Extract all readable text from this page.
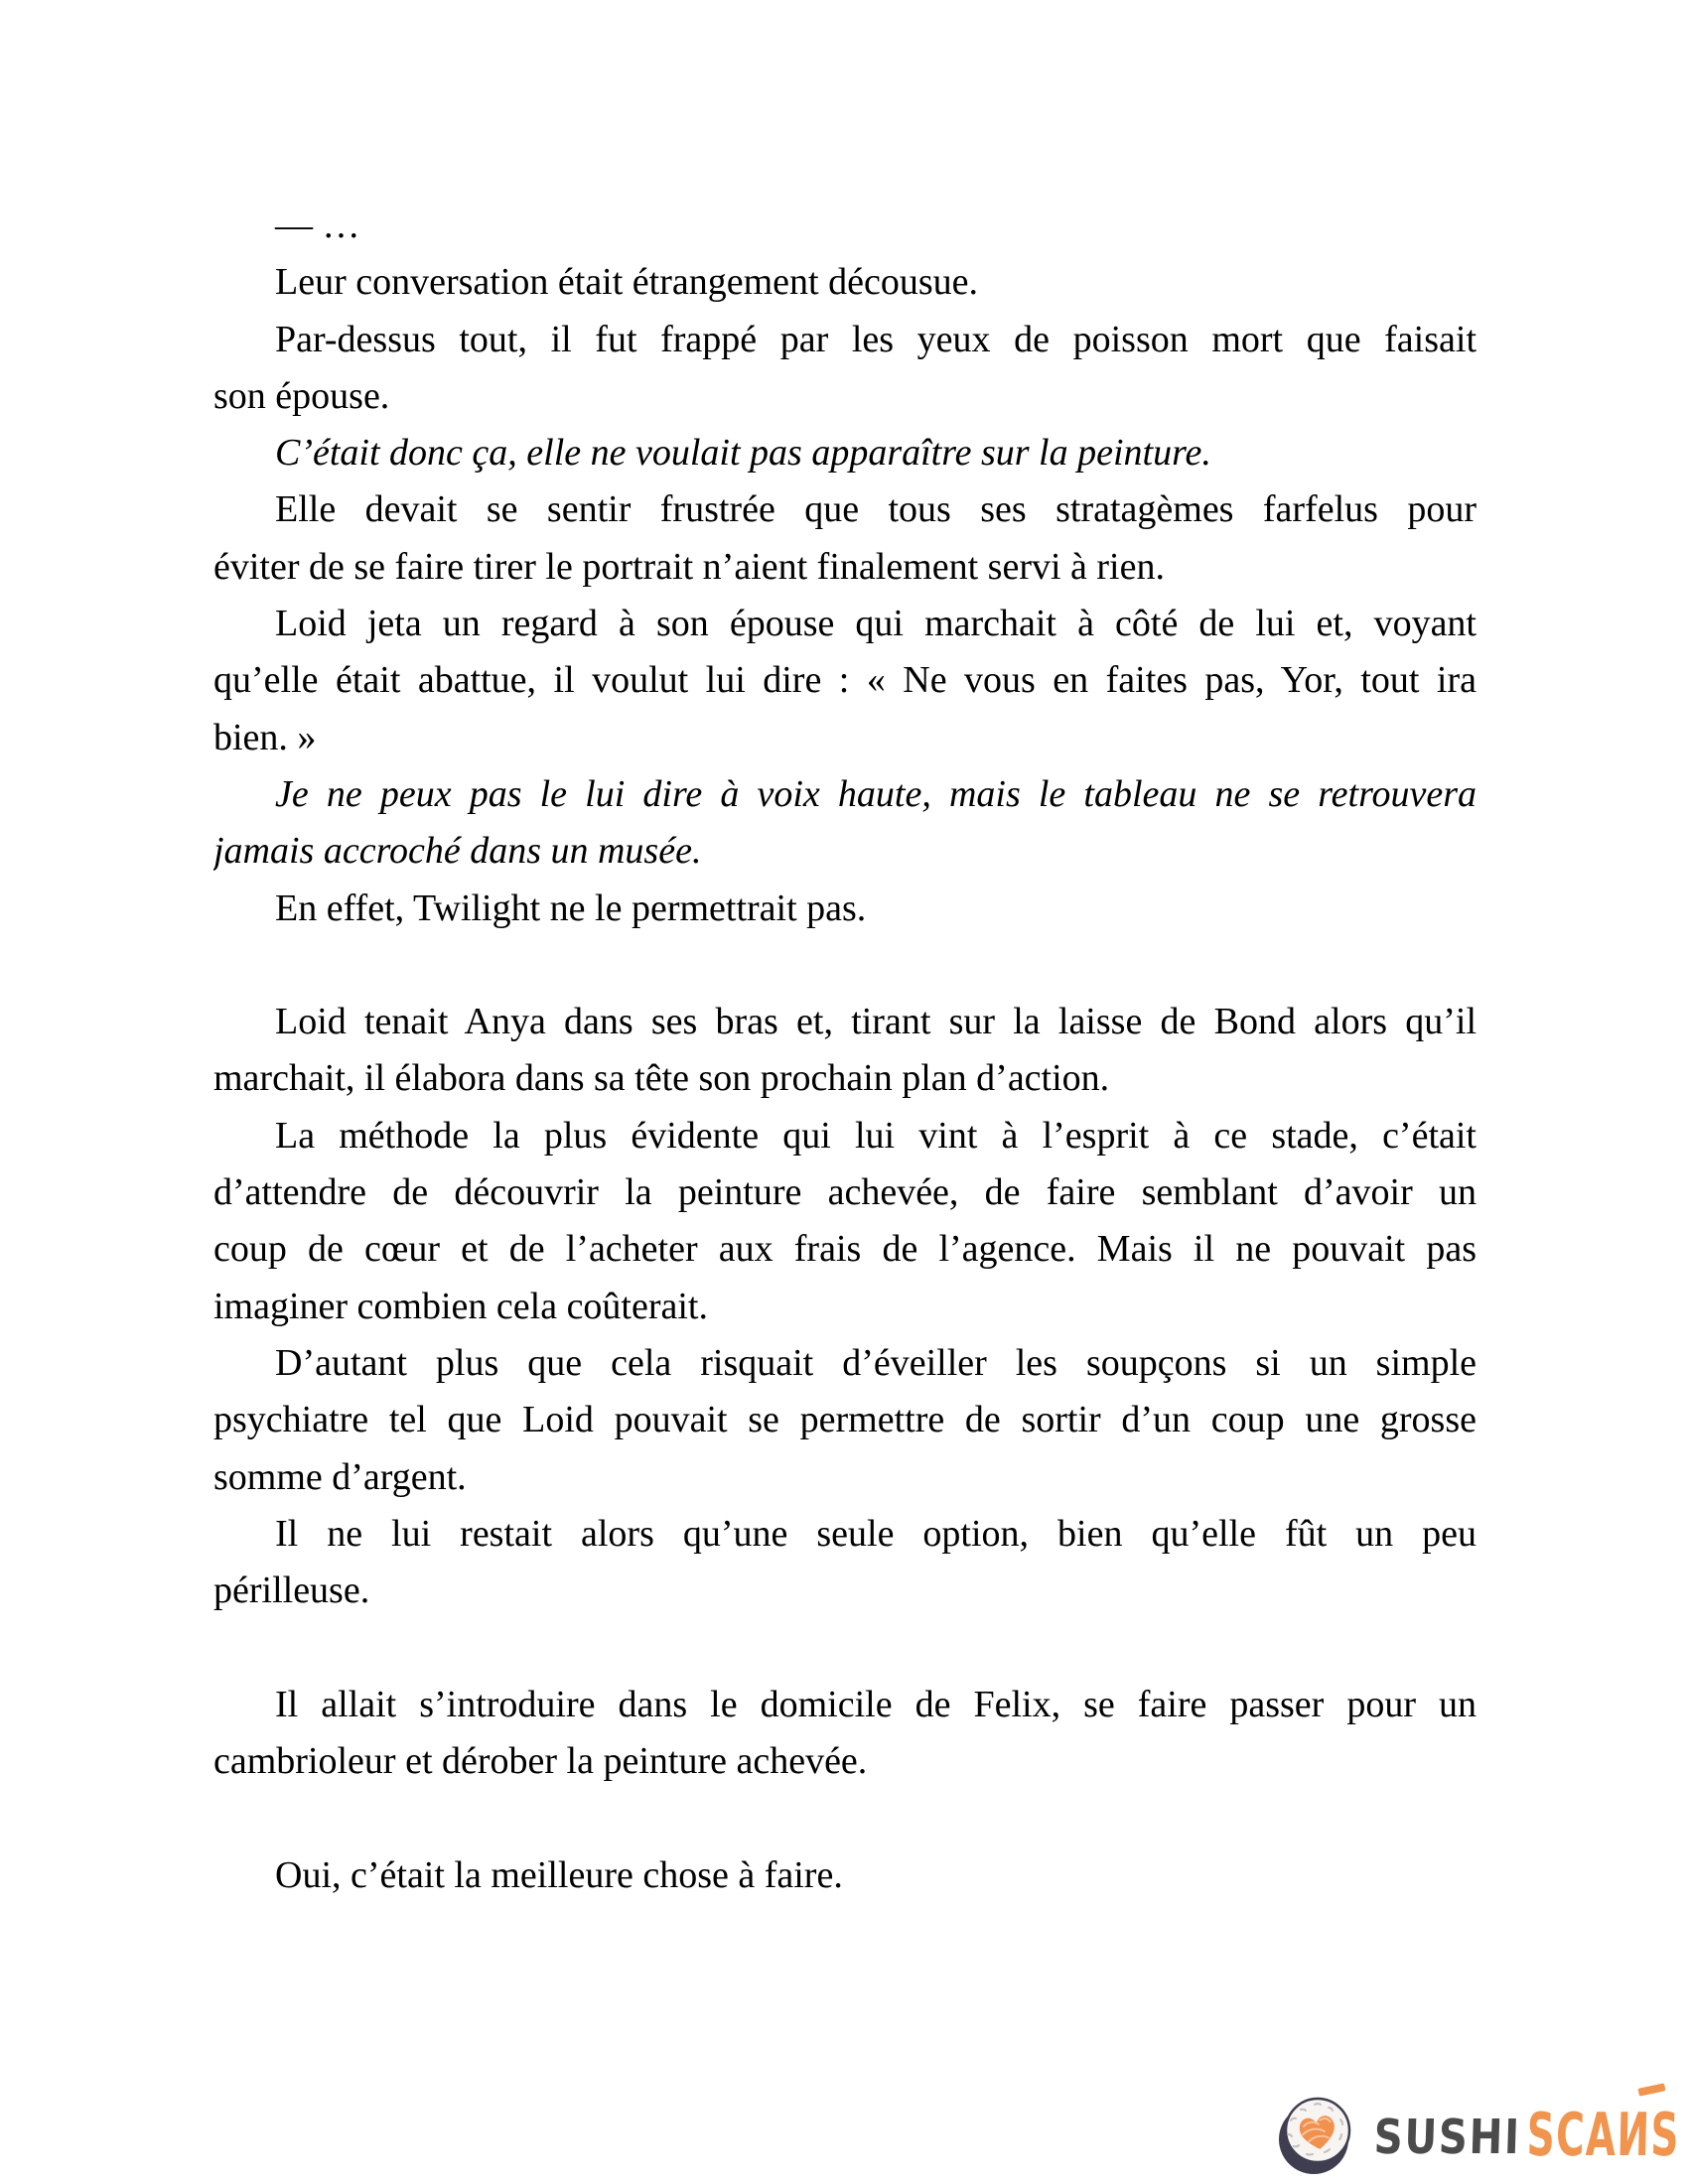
— …
Leur conversation était étrangement décousue.
Par-dessus tout, il fut frappé par les yeux de poisson mort que faisait
son épouse.
C’était donc ça, elle ne voulait pas apparaître sur la peinture.
Elle devait se sentir frustrée que tous ses stratagèmes farfelus pour
éviter de se faire tirer le portrait n’aient finalement servi à rien.
Loid jeta un regard à son épouse qui marchait à côté de lui et, voyant
qu’elle était abattue, il voulut lui dire : « Ne vous en faites pas, Yor, tout ira
bien. »
Je ne peux pas le lui dire à voix haute, mais le tableau ne se retrouvera
jamais accroché dans un musée.
En effet, Twilight ne le permettrait pas.
Loid tenait Anya dans ses bras et, tirant sur la laisse de Bond alors qu’il
marchait, il élabora dans sa tête son prochain plan d’action.
La méthode la plus évidente qui lui vint à l’esprit à ce stade, c’était
d’attendre de découvrir la peinture achevée, de faire semblant d’avoir un
coup de cœur et de l’acheter aux frais de l’agence. Mais il ne pouvait pas
imaginer combien cela coûterait.
D’autant plus que cela risquait d’éveiller les soupçons si un simple
psychiatre tel que Loid pouvait se permettre de sortir d’un coup une grosse
somme d’argent.
Il ne lui restait alors qu’une seule option, bien qu’elle fût un peu
périlleuse.
Il allait s’introduire dans le domicile de Felix, se faire passer pour un
cambrioleur et dérober la peinture achevée.
Oui, c’était la meilleure chose à faire.
SUSHI SCAИS
